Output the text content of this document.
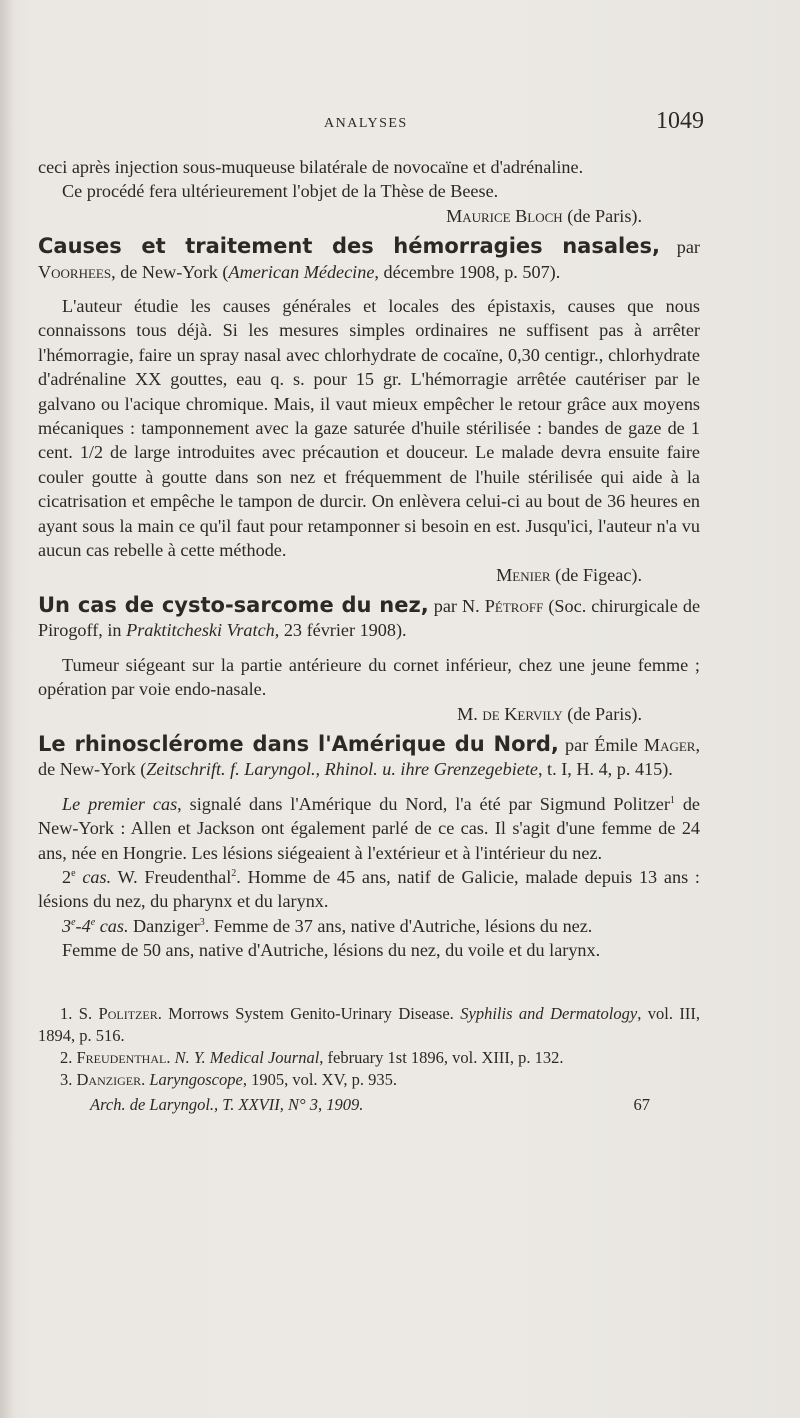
ANALYSES	1049

ceci après injection sous-muqueuse bilatérale de novocaïne et d'adrénaline.

Ce procédé fera ultérieurement l'objet de la Thèse de Beese.

Maurice Bloch (de Paris).

Causes et traitement des hémorragies nasales, par Voorhees, de New-York (American Médecine, décembre 1908, p. 507).

L'auteur étudie les causes générales et locales des épistaxis, causes que nous connaissons tous déjà. Si les mesures simples ordinaires ne suffisent pas à arrêter l'hémorragie, faire un spray nasal avec chlorhydrate de cocaïne, 0,30 centigr., chlorhydrate d'adrénaline XX gouttes, eau q. s. pour 15 gr. L'hémorragie arrêtée cautériser par le galvano ou l'acique chromique. Mais, il vaut mieux empêcher le retour grâce aux moyens mécaniques : tamponnement avec la gaze saturée d'huile stérilisée : bandes de gaze de 1 cent. 1/2 de large introduites avec précaution et douceur. Le malade devra ensuite faire couler goutte à goutte dans son nez et fréquemment de l'huile stérilisée qui aide à la cicatrisation et empêche le tampon de durcir. On enlèvera celui-ci au bout de 36 heures en ayant sous la main ce qu'il faut pour retamponner si besoin en est. Jusqu'ici, l'auteur n'a vu aucun cas rebelle à cette méthode.

Menier (de Figeac).

Un cas de cysto-sarcome du nez, par N. Pétroff (Soc. chirurgicale de Pirogoff, in Praktitcheski Vratch, 23 février 1908).

Tumeur siégeant sur la partie antérieure du cornet inférieur, chez une jeune femme ; opération par voie endo-nasale.

M. de Kervily (de Paris).

Le rhinosclérome dans l'Amérique du Nord, par Émile Mager, de New-York (Zeitschrift. f. Laryngol., Rhinol. u. ihre Grenzegebiete, t. I, H. 4, p. 415).

Le premier cas, signalé dans l'Amérique du Nord, l'a été par Sigmund Politzer$^1$ de New-York : Allen et Jackson ont également parlé de ce cas. Il s'agit d'une femme de 24 ans, née en Hongrie. Les lésions siégeaient à l'extérieur et à l'intérieur du nez.

2e cas. W. Freudenthal$^2$. Homme de 45 ans, natif de Galicie, malade depuis 13 ans : lésions du nez, du pharynx et du larynx.

3e-4e cas. Danziger$^3$. Femme de 37 ans, native d'Autriche, lésions du nez.

Femme de 50 ans, native d'Autriche, lésions du nez, du voile et du larynx.

1. S. Politzer. Morrows System Genito-Urinary Disease. Syphilis and Dermatology, vol. III, 1894, p. 516.

2. Freudenthal. N. Y. Medical Journal, february 1st 1896, vol. XIII, p. 132.

3. Danziger. Laryngoscope, 1905, vol. XV, p. 935.

Arch. de Laryngol., T. XXVII, N° 3, 1909.	67
